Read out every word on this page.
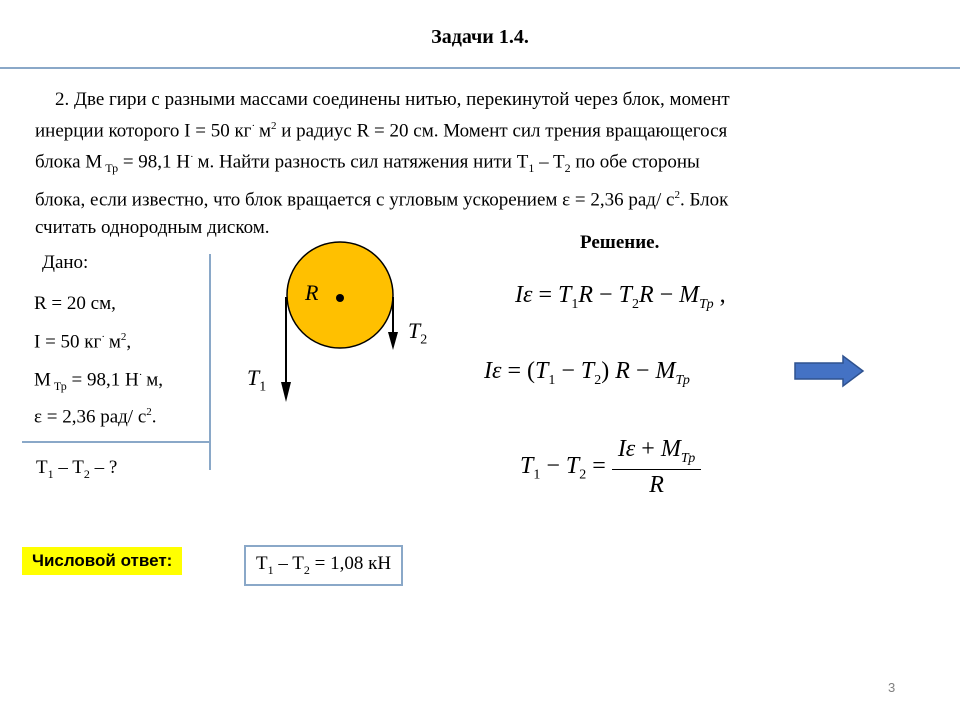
Задачи 1.4.

2. Две гири с разными массами соединены нитью, перекинутой через блок, момент

инерции которого I = 50 кг·  $м^2$ и радиус R = 20 см. Момент сил трения вращающегося

блока M $_{Тр}$ = 98,1 Н·  м. Найти разность сил натяжения нити $T_1 - T_2$ по обе стороны

блока, если известно, что блок вращается с угловым ускорением ε = 2,36 рад/ $с^2$. Блок

считать однородным диском.

Дано:
R = 20 см,
I = 50 кг·  $м^2$,
M $_{Тр}$ = 98,1 Н·  м,
ε = 2,36 рад/ $с^2$.
$T_1 - T_2$ – ?
R
$T_2$
$T_1$
Решение.
$I\varepsilon = T_1R - T_2R - M_{Тр}$ ,
$I\varepsilon = (T_1 - T_2) R - M_{Тр}$
$T_1 - T_2 = \frac{I\varepsilon + M_{Тр}}{R}$
Числовой ответ:	$T_1 - T_2 = 1,08$ кН
3
